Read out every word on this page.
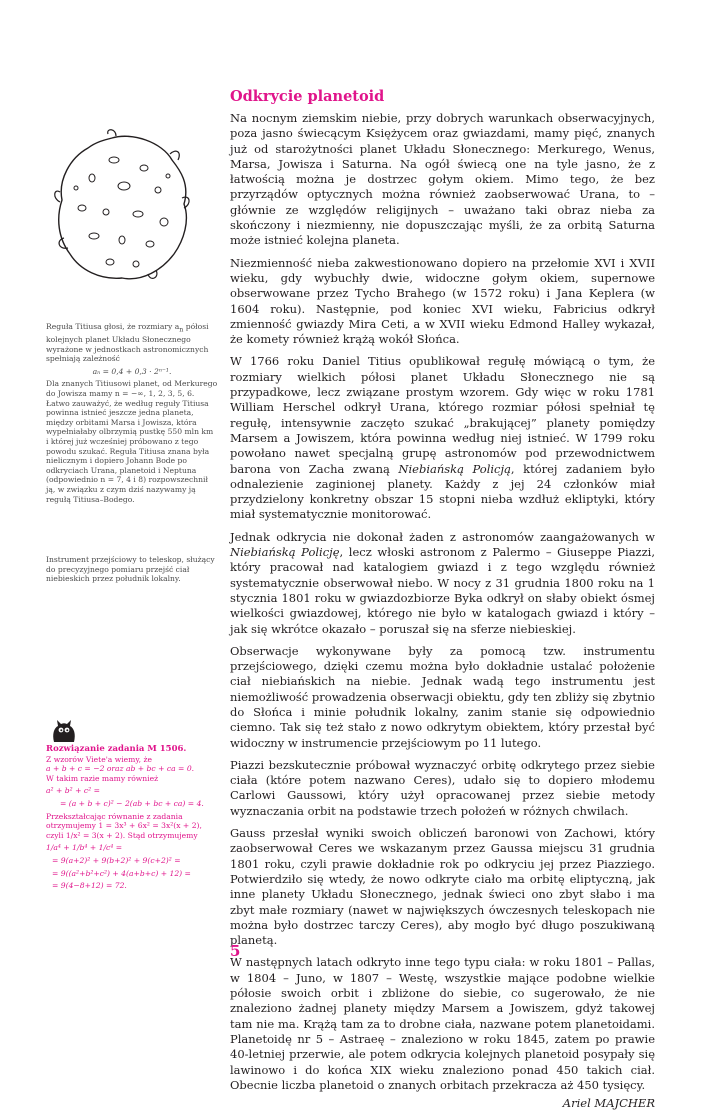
Odkrycie planetoid

Na nocnym ziemskim niebie, przy dobrych warunkach obserwacyjnych, poza jasno świecącym Księżycem oraz gwiazdami, mamy pięć, znanych już od starożytności planet Układu Słonecznego: Merkurego, Wenus, Marsa, Jowisza i Saturna. Na ogół świecą one na tyle jasno, że z łatwością można je dostrzec gołym okiem. Mimo tego, że bez przyrządów optycznych można również zaobserwować Urana, to – głównie ze względów religijnych – uważano taki obraz nieba za skończony i niezmienny, nie dopuszczając myśli, że za orbitą Saturna może istnieć kolejna planeta.

Niezmienność nieba zakwestionowano dopiero na przełomie XVI i XVII wieku, gdy wybuchły dwie, widoczne gołym okiem, supernowe obserwowane przez Tycho Brahego (w 1572 roku) i Jana Keplera (w 1604 roku). Następnie, pod koniec XVI wieku, Fabricius odkrył zmienność gwiazdy Mira Ceti, a w XVII wieku Edmond Halley wykazał, że komety również krążą wokół Słońca.

W 1766 roku Daniel Titius opublikował regułę mówiącą o tym, że rozmiary wielkich półosi planet Układu Słonecznego nie są przypadkowe, lecz związane prostym wzorem. Gdy więc w roku 1781 William Herschel odkrył Urana, którego rozmiar półosi spełniał tę regułę, intensywnie zaczęto szukać „brakującej” planety pomiędzy Marsem a Jowiszem, która powinna według niej istnieć. W 1799 roku powołano nawet specjalną grupę astronomów pod przewodnictwem barona von Zacha zwaną Niebiańską Policją, której zadaniem było odnalezienie zaginionej planety. Każdy z jej 24 członków miał przydzielony konkretny obszar 15 stopni nieba wzdłuż ekliptyki, który miał systematycznie monitorować.

Jednak odkrycia nie dokonał żaden z astronomów zaangażowanych w Niebiańską Policję, lecz włoski astronom z Palermo – Giuseppe Piazzi, który pracował nad katalogiem gwiazd i z tego względu również systematycznie obserwował niebo. W nocy z 31 grudnia 1800 roku na 1 stycznia 1801 roku w gwiazdozbiorze Byka odkrył on słaby obiekt ósmej wielkości gwiazdowej, którego nie było w katalogach gwiazd i który – jak się wkrótce okazało – poruszał się na sferze niebieskiej.

Obserwacje wykonywane były za pomocą tzw. instrumentu przejściowego, dzięki czemu można było dokładnie ustalać położenie ciał niebiańskich na niebie. Jednak wadą tego instrumentu jest niemożliwość prowadzenia obserwacji obiektu, gdy ten zbliży się zbytnio do Słońca i minie południk lokalny, zanim stanie się odpowiednio ciemno. Tak się też stało z nowo odkrytym obiektem, który przestał być widoczny w instrumencie przejściowym po 11 lutego.

Piazzi bezskutecznie próbował wyznaczyć orbitę odkrytego przez siebie ciała (które potem nazwano Ceres), udało się to dopiero młodemu Carlowi Gaussowi, który użył opracowanej przez siebie metody wyznaczania orbit na podstawie trzech położeń w różnych chwilach.

Gauss przesłał wyniki swoich obliczeń baronowi von Zachowi, który zaobserwował Ceres we wskazanym przez Gaussa miejscu 31 grudnia 1801 roku, czyli prawie dokładnie rok po odkryciu jej przez Piazziego. Potwierdziło się wtedy, że nowo odkryte ciało ma orbitę eliptyczną, jak inne planety Układu Słonecznego, jednak świeci ono zbyt słabo i ma zbyt małe rozmiary (nawet w największych ówczesnych teleskopach nie można było dostrzec tarczy Ceres), aby mogło być długo poszukiwaną planetą.

W następnych latach odkryto inne tego typu ciała: w roku 1801 – Pallas, w 1804 – Juno, w 1807 – Westę, wszystkie mające podobne wielkie półosie swoich orbit i zbliżone do siebie, co sugerowało, że nie znaleziono żadnej planety między Marsem a Jowiszem, gdyż takowej tam nie ma. Krążą tam za to drobne ciała, nazwane potem planetoidami. Planetoidę nr 5 – Astraeę – znaleziono w roku 1845, zatem po prawie 40-letniej przerwie, ale potem odkrycia kolejnych planetoid posypały się lawinowo i do końca XIX wieku znaleziono ponad 450 takich ciał. Obecnie liczba planetoid o znanych orbitach przekracza aż 450 tysięcy.

Ariel MAJCHER
5

Reguła Titiusa głosi, że rozmiary $a_n$ półosi kolejnych planet Układu Słonecznego wyrażone w jednostkach astronomicznych spełniają zależność

aₙ = 0,4 + 0,3 · 2ⁿ⁻¹.

Dla znanych Titiusowi planet, od Merkurego do Jowisza mamy n = −∞, 1, 2, 3, 5, 6. Łatwo zauważyć, że według reguły Titiusa powinna istnieć jeszcze jedna planeta, między orbitami Marsa i Jowisza, która wypełniałaby olbrzymią pustkę 550 mln km i której już wcześniej próbowano z tego powodu szukać. Reguła Titiusa znana była nielicznym i dopiero Johann Bode po odkryciach Urana, planetoid i Neptuna (odpowiednio n = 7, 4 i 8) rozpowszechnił ją, w związku z czym dziś nazywamy ją regułą Titiusa–Bodego.

Instrument przejściowy to teleskop, służący do precyzyjnego pomiaru przejść ciał niebieskich przez południk lokalny.

Rozwiązanie zadania M 1506.
Z wzorów Viete'a wiemy, że
a + b + c = −2 oraz ab + bc + ca = 0.
W takim razie mamy również
a² + b² + c² =
= (a + b + c)² − 2(ab + bc + ca) = 4.
Przekształcając równanie z zadania otrzymujemy 1 = 3x³ + 6x² = 3x²(x + 2),
czyli 1/x² = 3(x + 2). Stąd otrzymujemy
1/a⁴ + 1/b⁴ + 1/c⁴ =
= 9(a+2)² + 9(b+2)² + 9(c+2)² =
= 9((a²+b²+c²) + 4(a+b+c) + 12) =
= 9(4−8+12) = 72.
